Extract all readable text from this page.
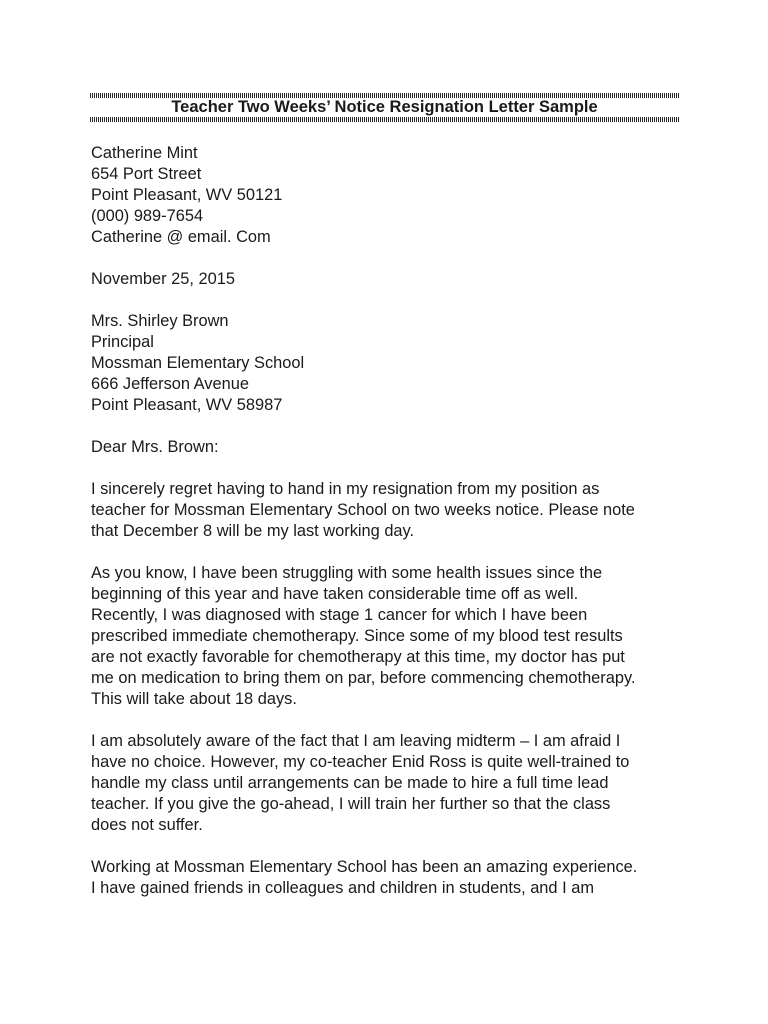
Teacher Two Weeks’ Notice Resignation Letter Sample
Catherine Mint
654 Port Street
Point Pleasant, WV 50121
(000) 989-7654
Catherine @ email. Com
November 25, 2015
Mrs. Shirley Brown
Principal
Mossman Elementary School
666 Jefferson Avenue
Point Pleasant, WV 58987
Dear Mrs. Brown:
I sincerely regret having to hand in my resignation from my position as
teacher for Mossman Elementary School on two weeks notice. Please note
that December 8 will be my last working day.
As you know, I have been struggling with some health issues since the
beginning of this year and have taken considerable time off as well.
Recently, I was diagnosed with stage 1 cancer for which I have been
prescribed immediate chemotherapy. Since some of my blood test results
are not exactly favorable for chemotherapy at this time, my doctor has put
me on medication to bring them on par, before commencing chemotherapy.
This will take about 18 days.
I am absolutely aware of the fact that I am leaving midterm – I am afraid I
have no choice. However, my co-teacher Enid Ross is quite well-trained to
handle my class until arrangements can be made to hire a full time lead
teacher. If you give the go-ahead, I will train her further so that the class
does not suffer.
Working at Mossman Elementary School has been an amazing experience.
I have gained friends in colleagues and children in students, and I am
